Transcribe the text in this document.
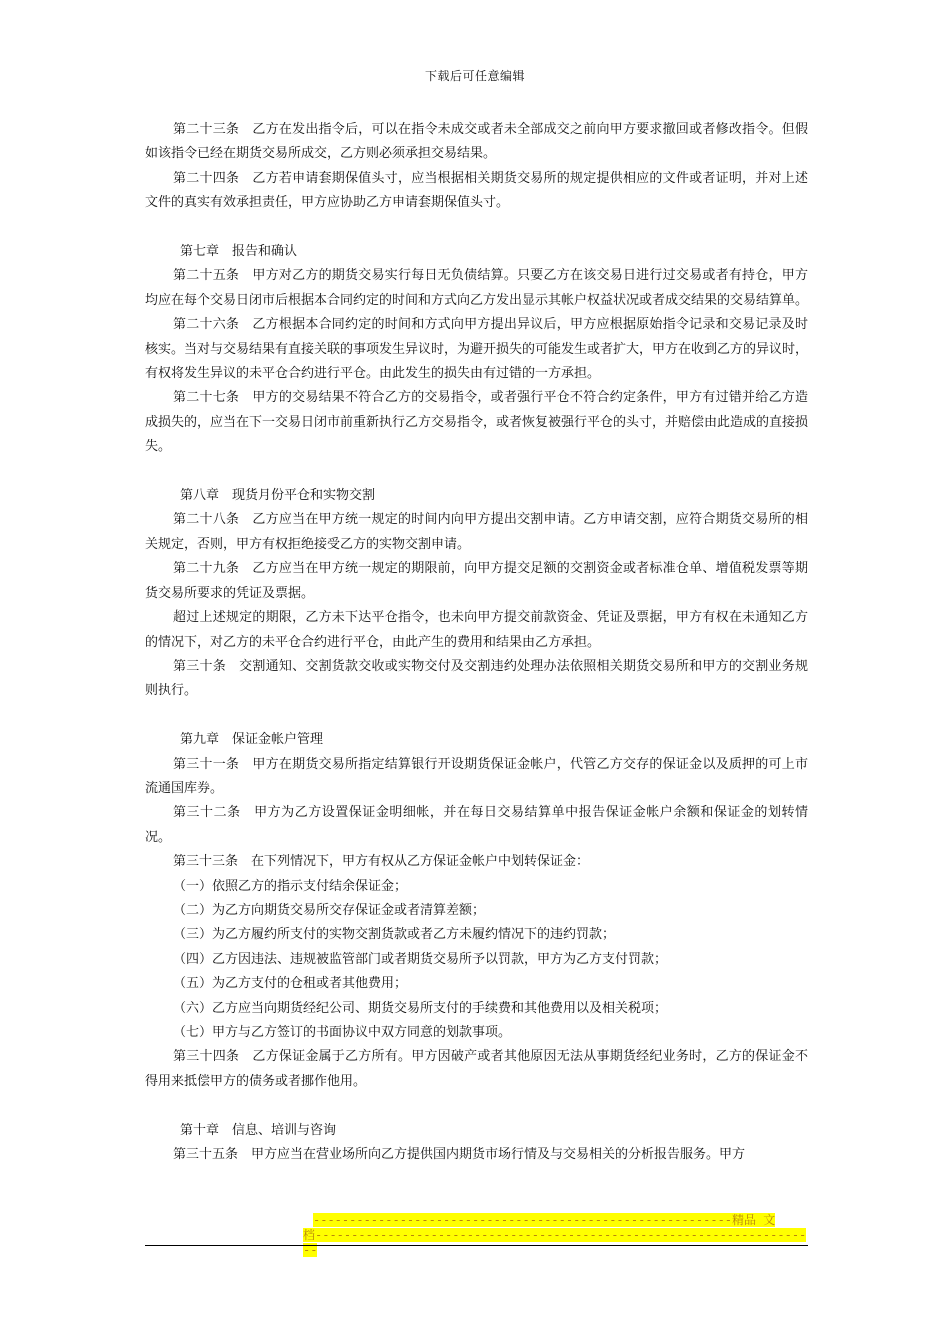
下载后可任意编辑

第二十三条　乙方在发出指令后，可以在指令未成交或者未全部成交之前向甲方要求撤回或者修改指令。但假如该指令已经在期货交易所成交，乙方则必须承担交易结果。

第二十四条　乙方若申请套期保值头寸，应当根据相关期货交易所的规定提供相应的文件或者证明，并对上述文件的真实有效承担责任，甲方应协助乙方申请套期保值头寸。

第七章　报告和确认

第二十五条　甲方对乙方的期货交易实行每日无负债结算。只要乙方在该交易日进行过交易或者有持仓，甲方均应在每个交易日闭市后根据本合同约定的时间和方式向乙方发出显示其帐户权益状况或者成交结果的交易结算单。

第二十六条　乙方根据本合同约定的时间和方式向甲方提出异议后，甲方应根据原始指令记录和交易记录及时核实。当对与交易结果有直接关联的事项发生异议时，为避开损失的可能发生或者扩大，甲方在收到乙方的异议时，有权将发生异议的未平仓合约进行平仓。由此发生的损失由有过错的一方承担。

第二十七条　甲方的交易结果不符合乙方的交易指令，或者强行平仓不符合约定条件，甲方有过错并给乙方造成损失的，应当在下一交易日闭市前重新执行乙方交易指令，或者恢复被强行平仓的头寸，并赔偿由此造成的直接损失。

第八章　现货月份平仓和实物交割

第二十八条　乙方应当在甲方统一规定的时间内向甲方提出交割申请。乙方申请交割，应符合期货交易所的相关规定，否则，甲方有权拒绝接受乙方的实物交割申请。

第二十九条　乙方应当在甲方统一规定的期限前，向甲方提交足额的交割资金或者标准仓单、增值税发票等期货交易所要求的凭证及票据。

超过上述规定的期限，乙方未下达平仓指令，也未向甲方提交前款资金、凭证及票据，甲方有权在未通知乙方的情况下，对乙方的未平仓合约进行平仓，由此产生的费用和结果由乙方承担。

第三十条　交割通知、交割货款交收或实物交付及交割违约处理办法依照相关期货交易所和甲方的交割业务规则执行。

第九章　保证金帐户管理

第三十一条　甲方在期货交易所指定结算银行开设期货保证金帐户，代管乙方交存的保证金以及质押的可上市流通国库券。

第三十二条　甲方为乙方设置保证金明细帐，并在每日交易结算单中报告保证金帐户余额和保证金的划转情况。

第三十三条　在下列情况下，甲方有权从乙方保证金帐户中划转保证金：

（一）依照乙方的指示支付结余保证金；

（二）为乙方向期货交易所交存保证金或者清算差额；

（三）为乙方履约所支付的实物交割货款或者乙方未履约情况下的违约罚款；

（四）乙方因违法、违规被监管部门或者期货交易所予以罚款，甲方为乙方支付罚款；

（五）为乙方支付的仓租或者其他费用；

（六）乙方应当向期货经纪公司、期货交易所支付的手续费和其他费用以及相关税项；

（七）甲方与乙方签订的书面协议中双方同意的划款事项。

第三十四条　乙方保证金属于乙方所有。甲方因破产或者其他原因无法从事期货经纪业务时，乙方的保证金不得用来抵偿甲方的债务或者挪作他用。

第十章　信息、培训与咨询

第三十五条　甲方应当在营业场所向乙方提供国内期货市场行情及与交易相关的分析报告服务。甲方

----------------------------------------------------------精品 文
档----------------------------------------------------------------------
